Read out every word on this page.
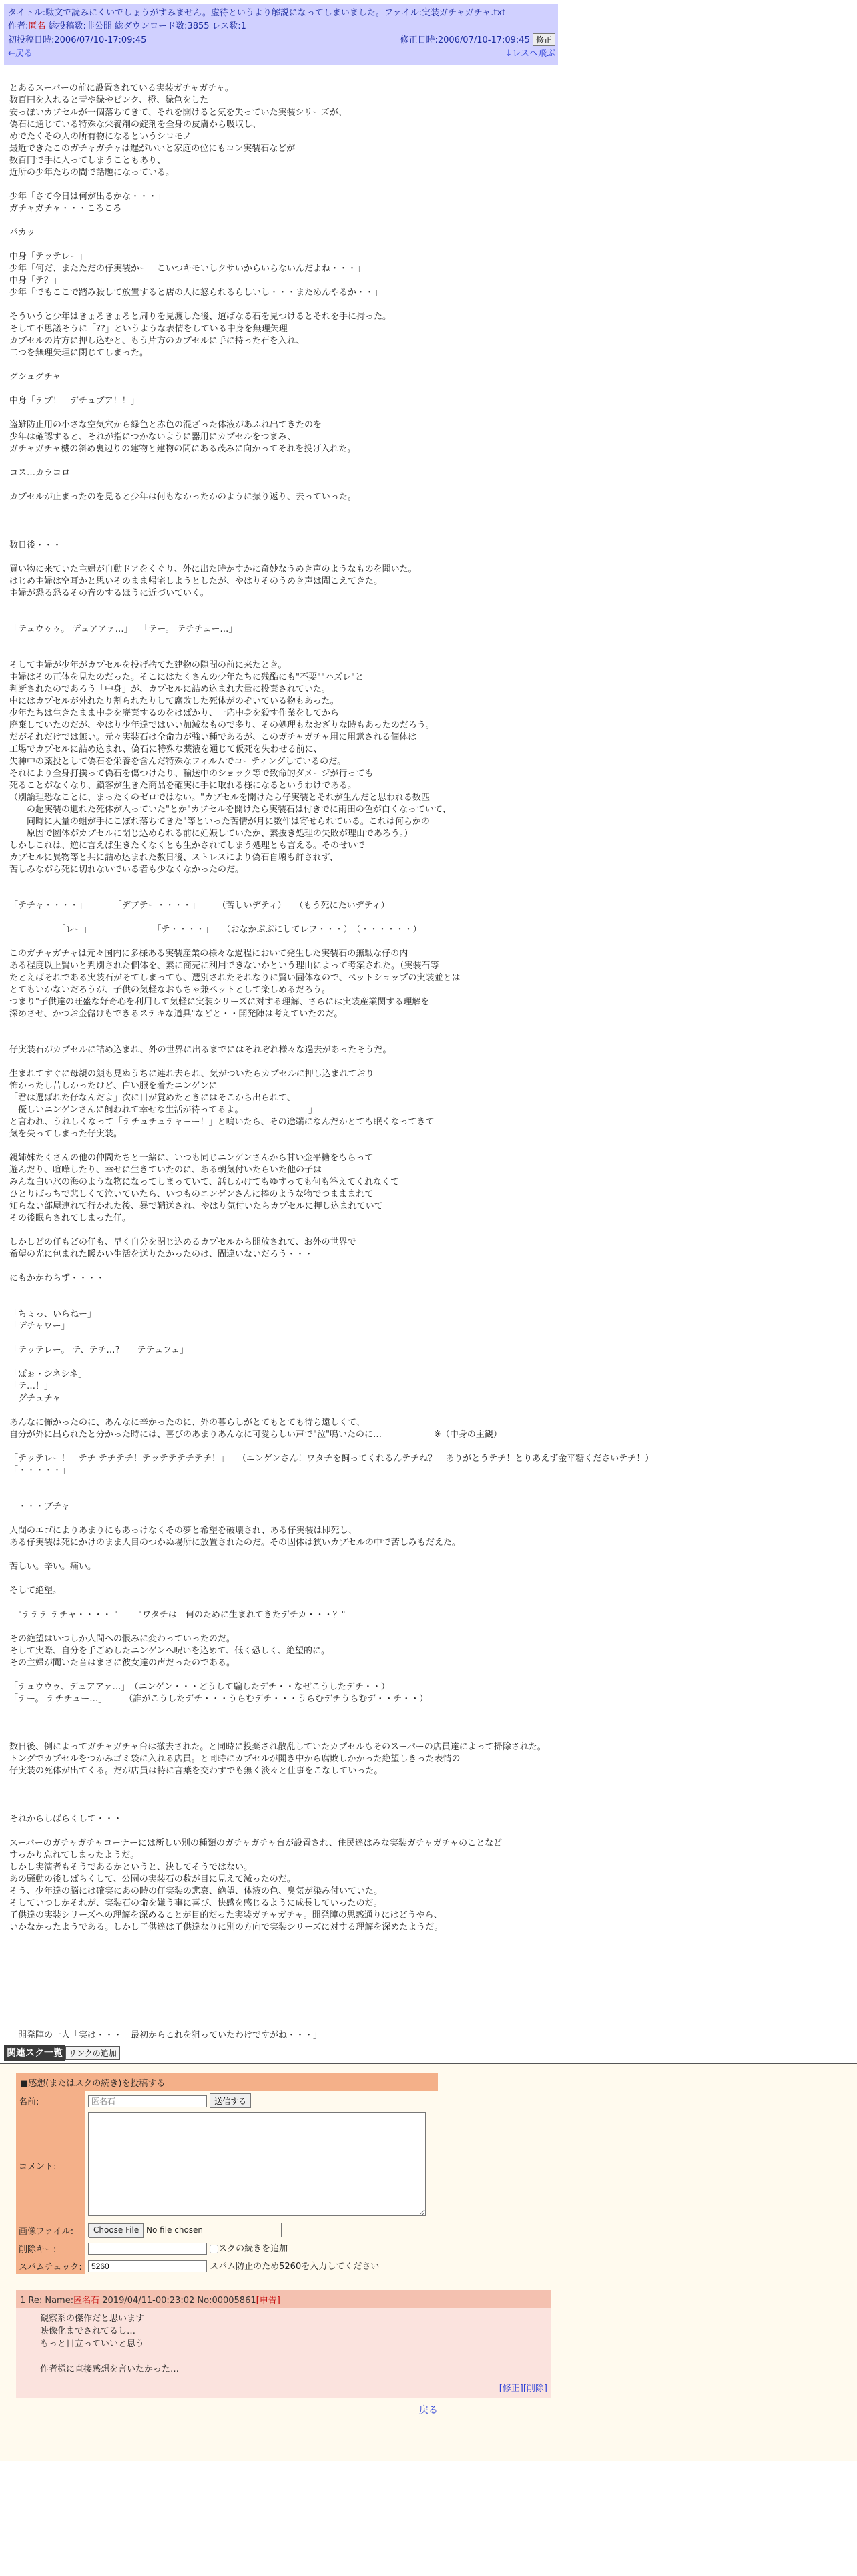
タイトル:駄文で読みにくいでしょうがすみません。虚待というより解説になってしまいました。ファイル:実装ガチャガチャ.txt
作者:匿名 総投稿数:非公開 総ダウンロード数:3855 レス数:1
初投稿日時:2006/07/10-17:09:45	修正日時:2006/07/10-17:09:45 修正
←戻る	↓レスへ飛ぶ
とあるスーパーの前に設置されている実装ガチャガチャ。
数百円を入れると青や緑やピンク、橙、緑色をした
安っぽいカプセルが一個落ちてきて、それを開けると気を失っていた実装シリーズが、
偽石に通じている特殊な栄養剤の錠剤を全身の皮膚から吸収し、
めでたくその人の所有物になるというシロモノ
最近できたこのガチャガチャは遅がいいと家庭の位にもコン実装石などが
数百円で手に入ってしまうこともあり、
近所の少年たちの間で話題になっている。
少年「さて今日は何が出るかな・・・」
ガチャガチャ・・・ころころ
パカッ
中身「テッテレー」
少年「何だ、またただの仔実装かー　こいつキモいしクサいからいらないんだよね・・・」
中身「テ？」
少年「でもここで踏み殺して放置すると店の人に怒られるらしいし・・・まためんやるか・・」
そういうと少年はきょろきょろと周りを見渡した後、道ばなる石を見つけるとそれを手に持った。
そして不思議そうに「??」というような表情をしている中身を無理矢理
カプセルの片方に押し込むと、もう片方のカプセルに手に持った石を入れ、
二つを無理矢理に閉じてしまった。
グシュグチャ
中身「テプ！　デチュプア！！」
盗難防止用の小さな空気穴から緑色と赤色の混ざった体液があふれ出てきたのを
少年は確認すると、それが指につかないように器用にカプセルをつまみ、
ガチャガチャ機の斜め裏辺りの建物と建物の間にある茂みに向かってそれを投げ入れた。
コス…カラコロ
カプセルが止まったのを見ると少年は何もなかったかのように振り返り、去っていった。
数日後・・・
買い物に来ていた主婦が自動ドアをくぐり、外に出た時かすかに奇妙なうめき声のようなものを聞いた。
はじめ主婦は空耳かと思いそのまま帰宅しようとしたが、やはりそのうめき声は聞こえてきた。
主婦が恐る恐るその音のするほうに近づいていく。
「テュウゥゥ。 デュアアァ…」　 「テー。 テチチュー…」
そして主婦が少年がカプセルを投げ捨てた建物の隙間の前に来たとき。
主婦はその正体を見たのだった。そこにはたくさんの少年たちに残酷にも"不要""ハズレ"と
判断されたのであろう「中身」が、カプセルに詰め込まれ大量に投棄されていた。
中にはカプセルが外れたり割られたりして腐敗した死体がのぞいている物もあった。
少年たちは生きたまま中身を廃棄するのをはばかり、一応中身を殺す作業をしてから
廃棄していたのだが、やはり少年達ではいい加減なもので多り、その処理もなおざりな時もあったのだろう。
だがそれだけでは無い。元々実装石は全命力が強い種であるが、このガチャガチャ用に用意される個体は
工場でカプセルに詰め込まれ、偽石に特殊な薬液を通じて仮死を失わせる前に、
失神中の薬投として偽石を栄養を含んだ特殊なフィルムでコーティングしているのだ。
それにより全身打撲って偽石を傷つけたり、輸送中のショック等で致命的ダメージが行っても
死ることがなくなり、顧客が生きた商品を確実に手に取れる様になるというわけである。
（別論理恐なことに、まったくのゼロではない。"カプセルを開けたら仔実装とそれが生んだと思われる数匹
　　の超実装の遺れた死体が入っていた"とか"カプセルを開けたら実装石は付きでに雨田の色が白くなっていて、
　　同時に大量の蛆が手にこぼれ落ちてきた"等といった苦情が月に数件は寄せられている。これは何らかの
　　原因で圏体がカプセルに閉じ込められる前に妊娠していたか、素抜き処理の失敗が理由であろう。）
しかしこれは、逆に言えば生きたくなくとも生かされてしまう処理とも言える。そのせいで
カプセルに異物等と共に詰め込まれた数日後、ストレスにより偽石自壊も許されず、
苦しみながら死に切れないでいる者も少なくなかったのだ。
「テチャ・・・・」　　　　「デブテー・・・・」　　　（苦しいデティ）　　（もう死にたいデティ）
　　　　　　「レー」　　　　　　　　「テ・・・・」　　（おなかぷぷにしてレフ・・・）　（・・・・・・）
このガチャガチャは元々国内に多様ある実装産業の様々な過程において発生した実装石の無駄な仔の内
ある程度以上賢いと判別された個体を、素に商売に利用できないかという理由によって考案された。（実装石等
たとえばそれである実装石がそてしまっても、選別されたそれなりに賢い固体なので、ペットショップの実装並とは
とてもいかないだろうが、子供の気軽なおもちゃ兼ペットとして楽しめるだろう。
つまり"子供達の旺盛な好奇心を利用して気軽に実装シリーズに対する理解、さらには実装産業関する理解を
深めさせ、かつお金儲けもできるステキな道具"などと・・開発陣は考えていたのだ。
仔実装石がカプセルに詰め込まれ、外の世界に出るまでにはそれぞれ様々な過去があったそうだ。
生まれてすぐに母親の顔も見ぬうちに連れ去られ、気がついたらカプセルに押し込まれており
怖かったし苦しかったけど、白い服を着たニンゲンに
「君は選ばれた仔なんだよ」次に目が覚めたときにはそこから出られて、
　優しいニンゲンさんに飼われて幸せな生活が待ってるよ。　　　　　　　　」
と言われ、うれしくなって「テチュチュテャーー！」と鳴いたら、その途端になんだかとても眠くなってきて
気を失ってしまった仔実装。
親姉妹たくさんの他の仲間たちと一緒に、いつも同じニンゲンさんから甘い金平糖をもらって
遊んだり、喧嘩したり、幸せに生きていたのに、ある朝気付いたらいた他の子は
みんな白い氷の海のような物になってしまっていて、話しかけてもゆすっても何も答えてくれなくて
ひとりぼっちで悲しくて泣いていたら、いつものニンゲンさんに棒のような物でつまままれて
知らない部屋連れて行かれた後、暴で鞘送され、やはり気付いたらカプセルに押し込まれていて
その後眠らされてしまった仔。
しかしどの仔もどの仔も、早く自分を閉じ込めるカプセルから開放されて、お外の世界で
希望の光に包まれた暖かい生活を送りたかったのは、間違いないだろう・・・
にもかかわらず・・・・
「ちょっ、いらねー」
「デチャワー」
「テッテレー。 テ、テチ…?　　テテュフェ」
「ぼぉ・シネシネ」
「テ…！」
　グチュチャ
あんなに怖かったのに、あんなに辛かったのに、外の暮らしがとてもとても待ち遠しくて、
自分が外に出られたと分かった時には、喜びのあまりあんなに可愛らしい声で"泣"鳴いたのに…　　　　　　※（中身の主観）
「テッテレー！　テチ テチテチ！テッテテテチテチ！」　　（ニンゲンさん！ワタチを飼ってくれるんテチね？　ありがとうテチ！とりあえず金平糖くださいテチ！）
「・・・・・」
　・・・ブチャ
人間のエゴによりあまりにもあっけなくその夢と希望を破壊され、ある仔実装は即死し、
ある仔実装は死にかけのまま人目のつかぬ場所に放置されたのだ。その固体は狭いカプセルの中で苦しみもだえた。
苦しい。辛い。痛い。
そして絶望。
　"テテテ テチャ・・・・ "　　 "ワタチは　何のために生まれてきたデチカ・・・？"
その絶望はいつしか人間への恨みに変わっていったのだ。
そして実際、自分を手ごめしたニンゲンへ呪いを込めて、低く恐しく、絶望的に。
その主婦が聞いた音はまさに彼女達の声だったのである。
「テュウウゥ、デュアアァ…」　（ニンゲン・・・どうして騙したデチ・・なぜこうしたデチ・・）
「テー。 テチチュー…」　　　（誰がこうしたデチ・・・うらむデチ・・・うらむデチうらむデ・・チ・・）
数日後、例によってガチャガチャ台は撤去された。と同時に投棄され散乱していたカプセルもそのスーパーの店員達によって掃除された。
トングでカプセルをつかみゴミ袋に入れる店員。と同時にカプセルが開き中から腐敗しかかった絶望しきった表情の
仔実装の死体が出てくる。だが店員は特に言葉を交わすでも無く淡々と仕事をこなしていった。
それからしばらくして・・・
スーパーのガチャガチャコーナーには新しい別の種類のガチャガチャ台が設置され、住民達はみな実装ガチャガチャのことなど
すっかり忘れてしまったようだ。
しかし実演者もそうであるかというと、決してそうではない。
あの騒動の後しばらくして、公園の実装石の数が目に見えて減ったのだ。
そう、少年達の脳には確実にあの時の仔実装の悲哀、絶望、体液の色、臭気が染み付いていた。
そしていつしかそれが、実装石の命を嫌う事に喜び、快感を感じるように成長していったのだ。
子供達の実装シリーズへの理解を深めることが目的だった実装ガチャガチャ。開発陣の思惑通りにはどうやら、
いかなかったようである。しかし子供達は子供達なりに別の方向で実装シリーズに対する理解を深めたようだ。
　開発陣の一人「実は・・・　最初からこれを狙っていたわけですがね・・・」
関連スク一覧 リンクの追加
■感想(またはスクの続き)を投稿する
名前:	匿名石送信する
コメント:	
画像ファイル:	Choose File No file chosen
削除キー:	スクの続きを追加
スパムチェック:	5260スパム防止のため5260を入力してください
1 Re: Name:匿名石 2019/04/11-00:23:02 No:00005861[申告]
観察系の傑作だと思います
映像化までされてるし…
もっと目立っていいと思う
作者様に直接感想を言いたかった…
[修正][削除]
戻る
